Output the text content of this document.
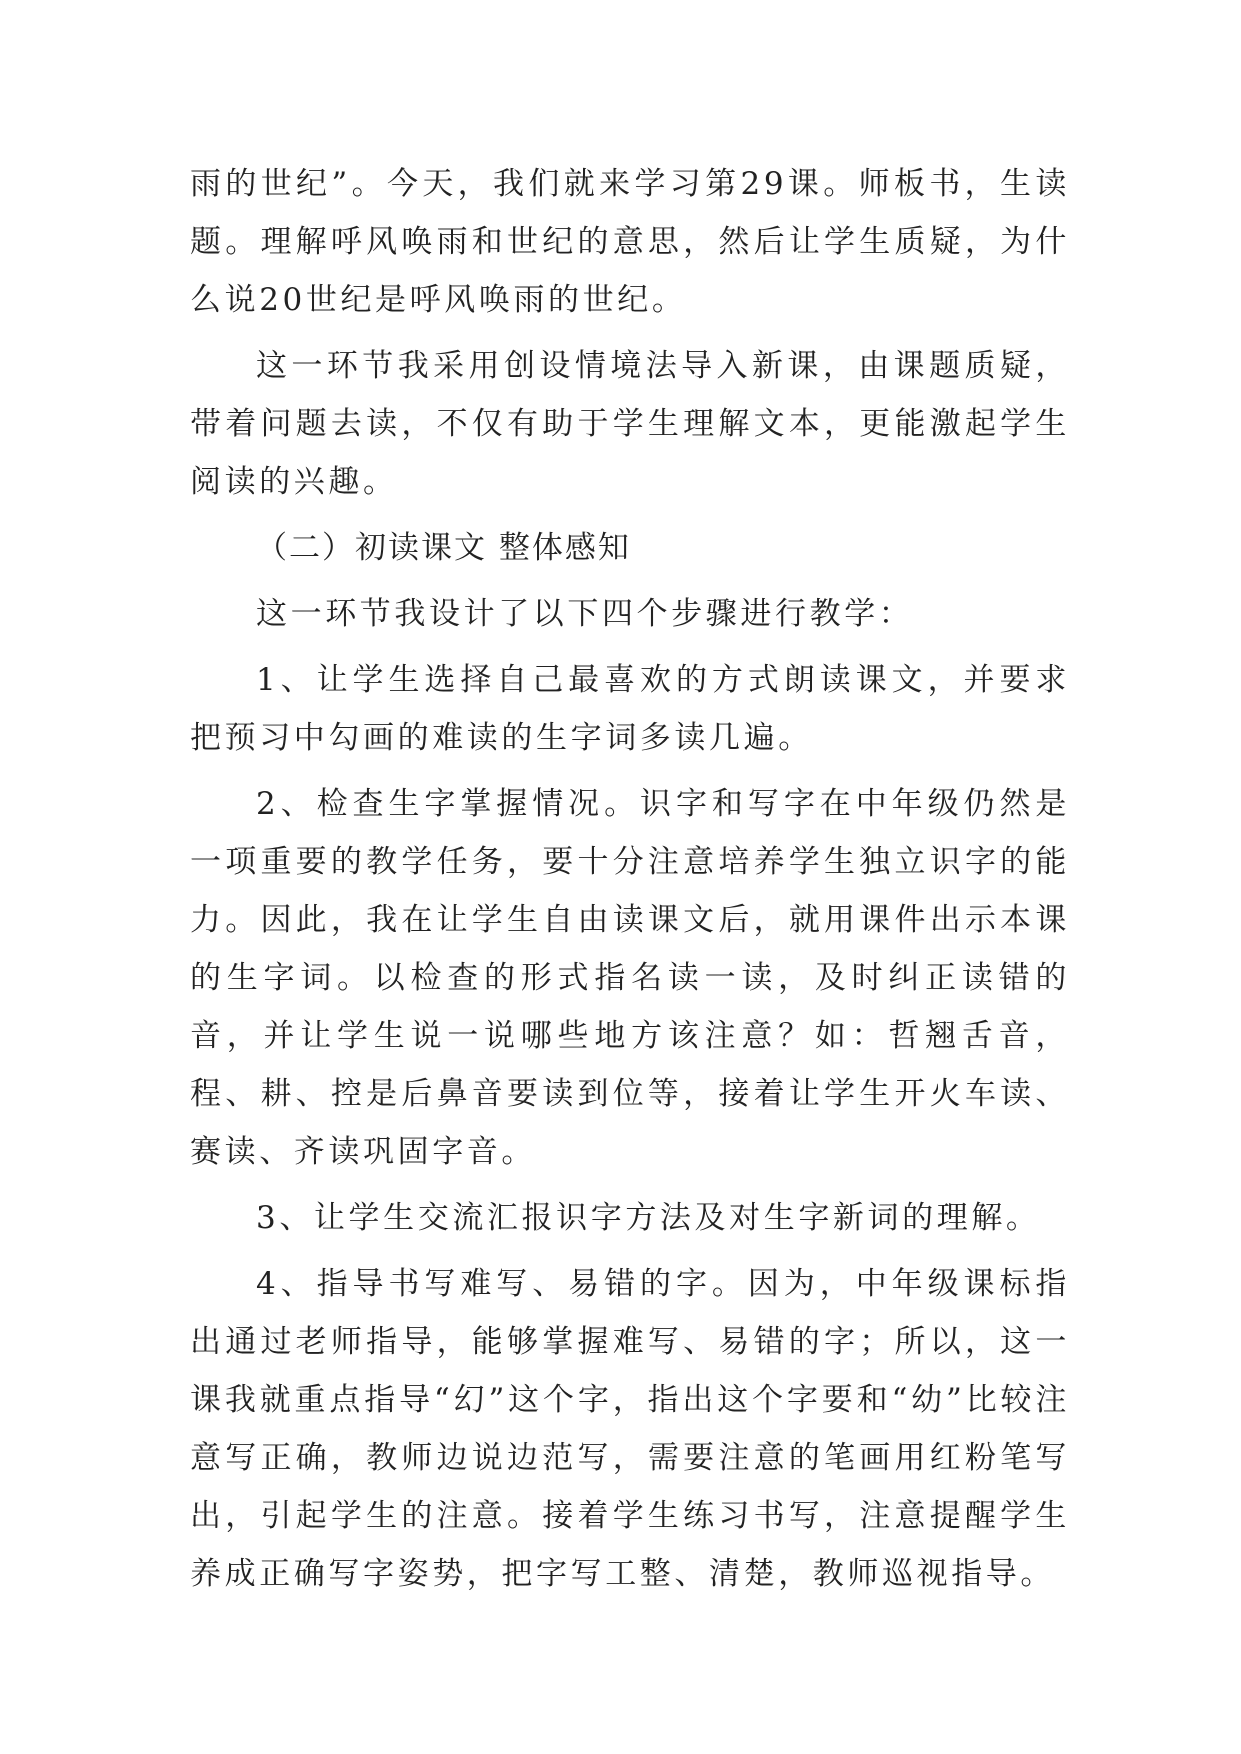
雨的世纪”。今天，我们就来学习第29课。师板书，生读题。理解呼风唤雨和世纪的意思，然后让学生质疑，为什么说20世纪是呼风唤雨的世纪。

这一环节我采用创设情境法导入新课，由课题质疑，带着问题去读，不仅有助于学生理解文本，更能激起学生阅读的兴趣。

（二）初读课文 整体感知

这一环节我设计了以下四个步骤进行教学：

1、让学生选择自己最喜欢的方式朗读课文，并要求把预习中勾画的难读的生字词多读几遍。

2、检查生字掌握情况。识字和写字在中年级仍然是一项重要的教学任务，要十分注意培养学生独立识字的能力。因此，我在让学生自由读课文后，就用课件出示本课的生字词。以检查的形式指名读一读，及时纠正读错的音，并让学生说一说哪些地方该注意？如：哲翘舌音，程、耕、控是后鼻音要读到位等，接着让学生开火车读、赛读、齐读巩固字音。

3、让学生交流汇报识字方法及对生字新词的理解。

4、指导书写难写、易错的字。因为，中年级课标指出通过老师指导，能够掌握难写、易错的字；所以，这一课我就重点指导“幻”这个字，指出这个字要和“幼”比较注意写正确，教师边说边范写，需要注意的笔画用红粉笔写出，引起学生的注意。接着学生练习书写，注意提醒学生养成正确写字姿势，把字写工整、清楚，教师巡视指导。
